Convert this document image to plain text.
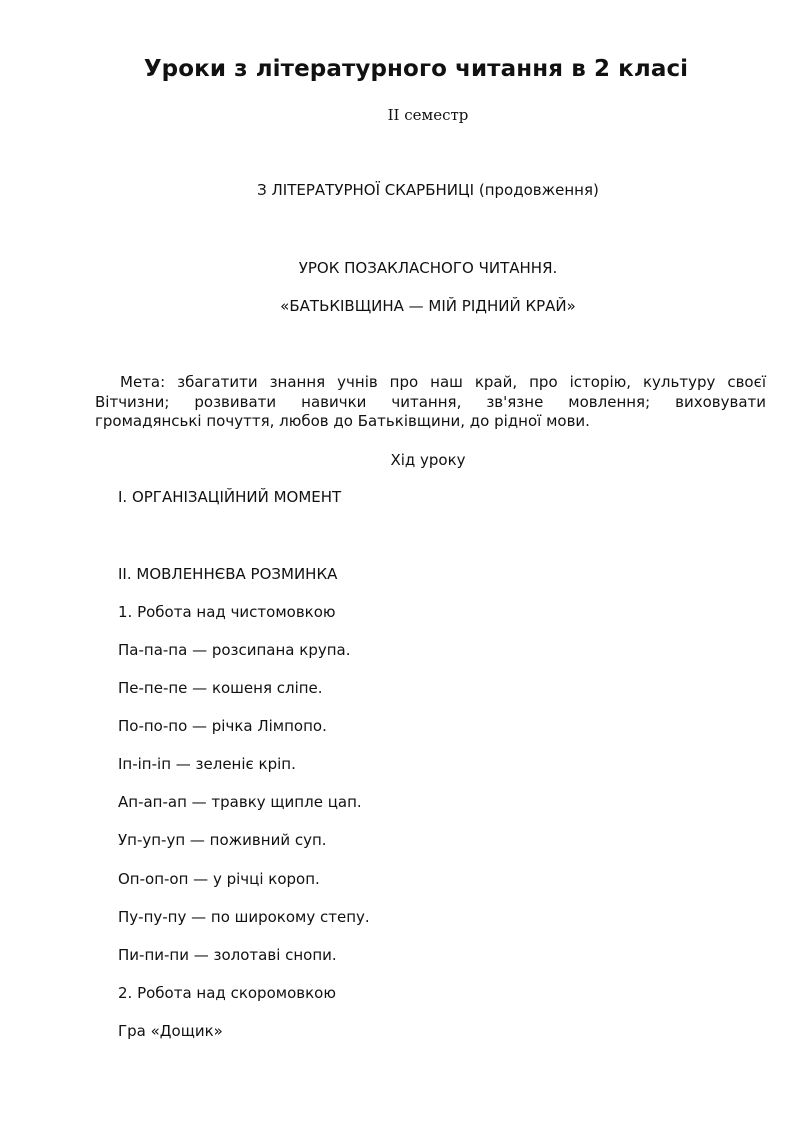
Уроки з літературного читання в 2 класі

ІІ семестр

З ЛІТЕРАТУРНОЇ СКАРБНИЦІ (продовження)

УРОК ПОЗАКЛАСНОГО ЧИТАННЯ.

«БАТЬКІВЩИНА — МІЙ РІДНИЙ КРАЙ»

Мета: збагатити знання учнів про наш край, про історію, культуру своєї
Вітчизни; розвивати навички читання, зв'язне мовлення; виховувати
громадянські почуття, любов до Батьківщини, до рідної мови.

Хід уроку

І. ОРГАНІЗАЦІЙНИЙ МОМЕНТ

ІІ. МОВЛЕННЄВА РОЗМИНКА

1. Робота над чистомовкою

Па-па-па — розсипана крупа.

Пе-пе-пе — кошеня сліпе.

По-по-по — річка Лімпопо.

Іп-іп-іп — зеленіє кріп.

Ап-ап-ап — травку щипле цап.

Уп-уп-уп — поживний суп.

Оп-оп-оп — у річці короп.

Пу-пу-пу — по широкому степу.

Пи-пи-пи — золотаві снопи.

2. Робота над скоромовкою

Гра «Дощик»
